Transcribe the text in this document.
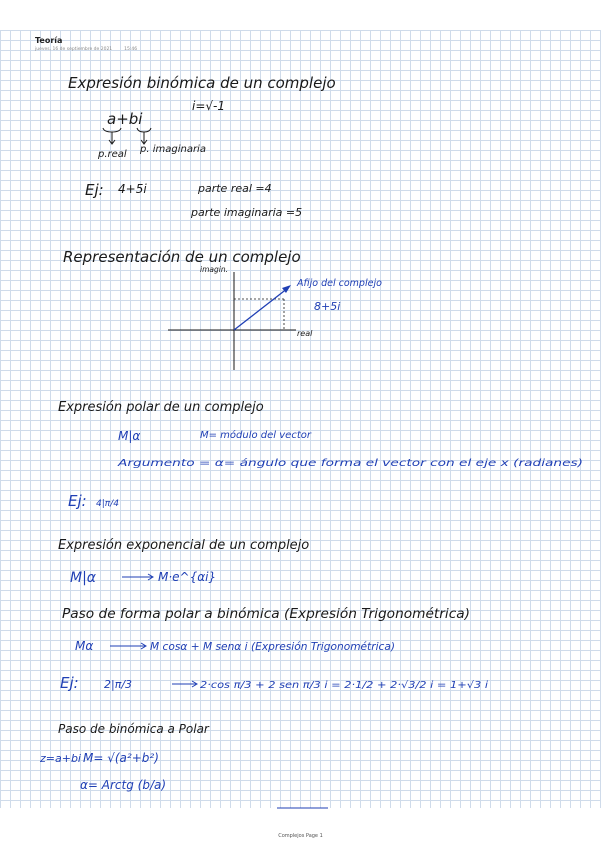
Teoría
jueves, 16 de septiembre de 2021	15:46
Expresión binómica de un complejo
i=√-1
a+bi
p.real p. imaginaria
Ej: 4+5i	parte real =4
parte imaginaria =5
Representación de un complejo
imagin.
real
Afijo del complejo
8+5i
Expresión polar de un complejo
M|α	M= módulo del vector
Argumento = α= ángulo que forma el vector con el eje x (radianes)
Ej: 4|π/4
Expresión exponencial de un complejo
M|α	M·e^{αi}
Paso de forma polar a binómica (Expresión Trigonométrica)
Mα	M cosα + M senα i (Expresión Trigonométrica)
Ej: 2|π/3	2·cos π/3 + 2 sen π/3 i = 2·1/2 + 2·√3/2 i = 1+√3 i
Paso de binómica a Polar
z=a+bi M= √(a²+b²)
α= Arctg (b/a)
Complejos Page 1
